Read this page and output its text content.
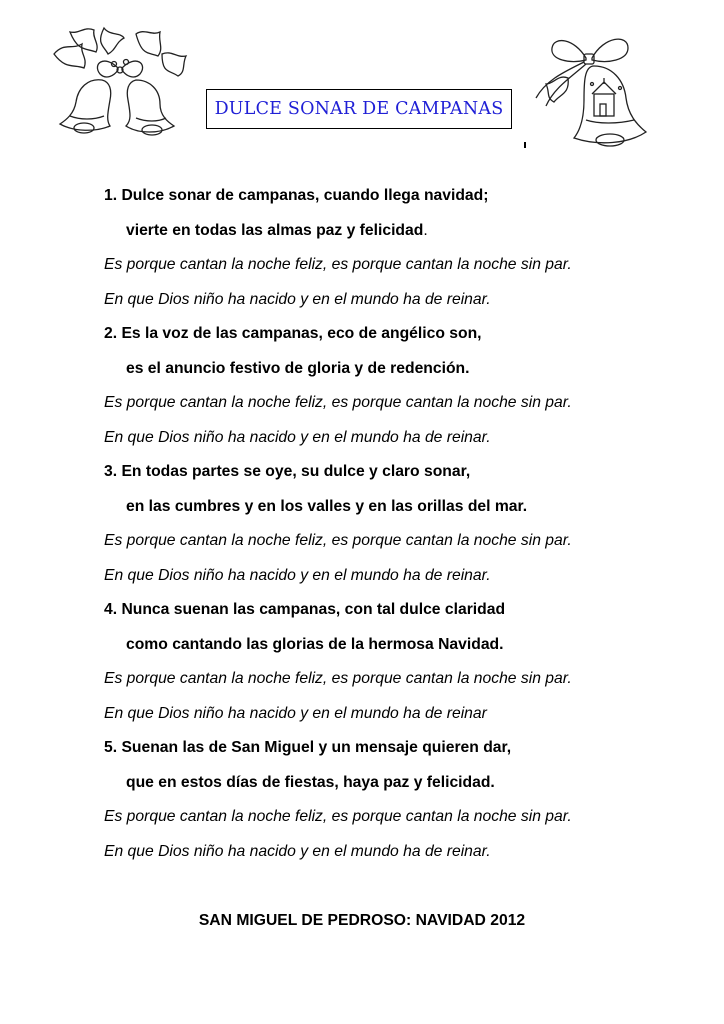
DULCE SONAR DE CAMPANAS
1. Dulce sonar de campanas, cuando llega navidad;
vierte en todas las almas paz y felicidad.
Es porque cantan la noche feliz, es porque cantan la noche sin par.
En que Dios niño ha nacido y en el mundo ha de reinar.
2. Es la voz de las campanas, eco de angélico son,
es el anuncio festivo de gloria y de redención.
Es porque cantan la noche feliz, es porque cantan la noche sin par.
En que Dios niño ha nacido y en el mundo ha de reinar.
3. En todas partes se oye, su dulce y claro sonar,
en las cumbres y en los valles y en las orillas del mar.
Es porque cantan la noche feliz, es porque cantan la noche sin par.
En que Dios niño ha nacido y en el mundo ha de reinar.
4. Nunca suenan las campanas, con tal dulce claridad
como cantando las glorias de la hermosa Navidad.
Es porque cantan la noche feliz, es porque cantan la noche sin par.
En que Dios niño ha nacido y en el mundo ha de reinar
5. Suenan las de San Miguel y un mensaje quieren dar,
que en estos días de fiestas, haya paz y felicidad.
Es porque cantan la noche feliz, es porque cantan la noche sin par.
En que Dios niño ha nacido y en el mundo ha de reinar.
SAN MIGUEL DE PEDROSO: NAVIDAD 2012
